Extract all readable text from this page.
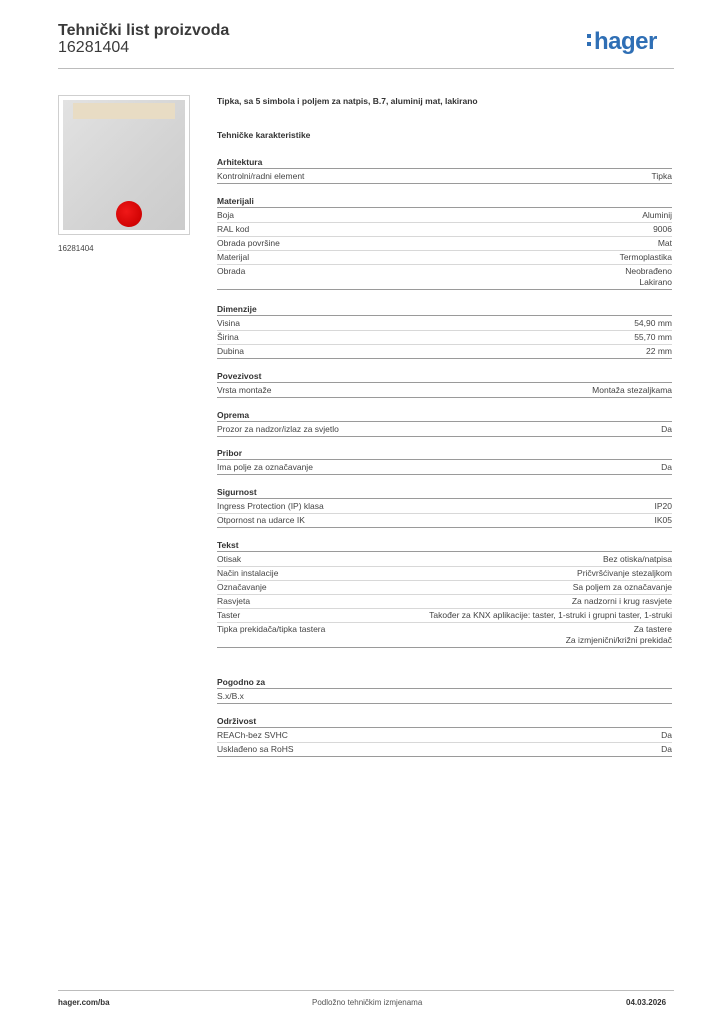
Tehnički list proizvoda
16281404	hager
16281404
Tipka, sa 5 simbola i poljem za natpis, B.7, aluminij mat, lakirano
Tehničke karakteristike
Arhitektura
Kontrolni/radni element	Tipka
Materijali
Boja	Aluminij
RAL kod	9006
Obrada površine	Mat
Materijal	Termoplastika
Obrada	Neobrađeno
Lakirano
Dimenzije
Visina	54,90 mm
Širina	55,70 mm
Dubina	22 mm
Povezivost
Vrsta montaže	Montaža stezaljkama
Oprema
Prozor za nadzor/izlaz za svjetlo	Da
Pribor
Ima polje za označavanje	Da
Sigurnost
Ingress Protection (IP) klasa	IP20
Otpornost na udarce IK	IK05
Tekst
Otisak	Bez otiska/natpisa
Način instalacije	Pričvršćivanje stezaljkom
Označavanje	Sa poljem za označavanje
Rasvjeta	Za nadzorni i krug rasvjete
Taster	Također za KNX aplikacije: taster, 1-struki i grupni taster, 1-struki
Tipka prekidača/tipka tastera	Za tastere
Za izmjenični/križni prekidač
Pogodno za
S.x/B.x
Održivost
REACh-bez SVHC	Da
Usklađeno sa RoHS	Da
hager.com/ba	Podložno tehničkim izmjenama	04.03.2026
